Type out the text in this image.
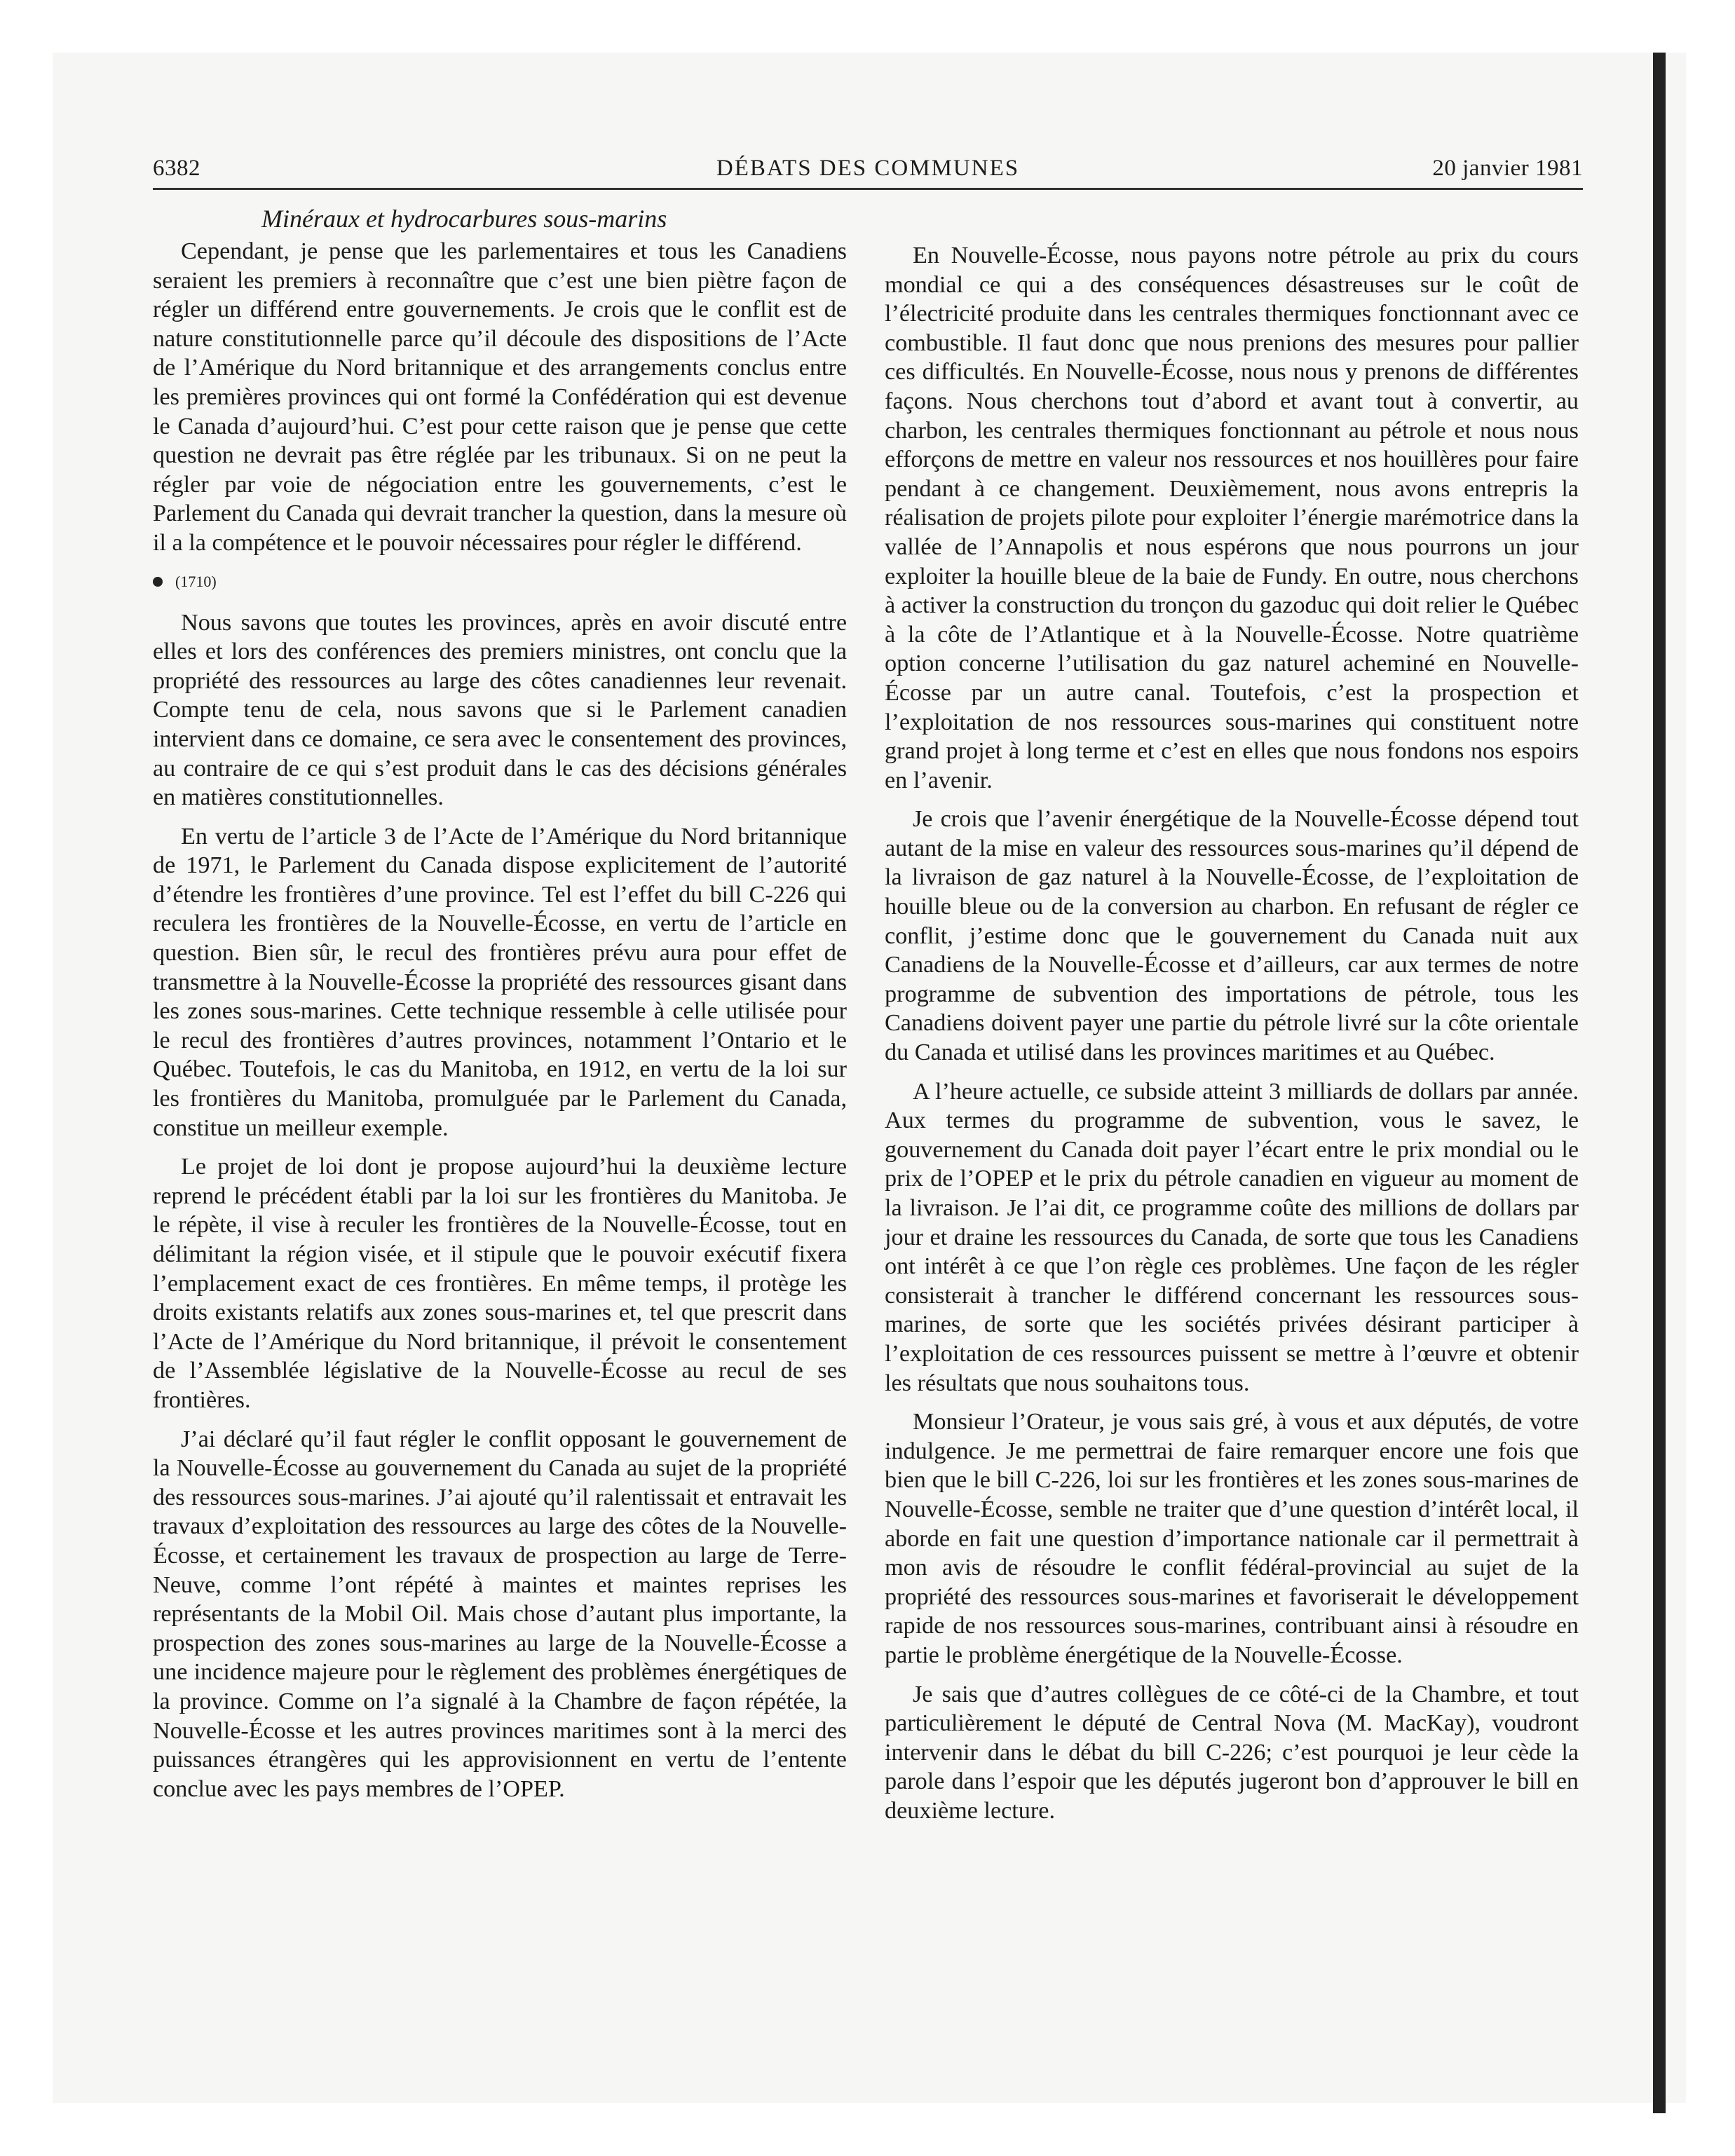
6382	DÉBATS DES COMMUNES	20 janvier 1981

Minéraux et hydrocarbures sous-marins

Cependant, je pense que les parlementaires et tous les Canadiens seraient les premiers à reconnaître que c’est une bien piètre façon de régler un différend entre gouvernements. Je crois que le conflit est de nature constitutionnelle parce qu’il découle des dispositions de l’Acte de l’Amérique du Nord britannique et des arrangements conclus entre les premières provinces qui ont formé la Confédération qui est devenue le Canada d’aujourd’hui. C’est pour cette raison que je pense que cette question ne devrait pas être réglée par les tribunaux. Si on ne peut la régler par voie de négociation entre les gouvernements, c’est le Parlement du Canada qui devrait trancher la question, dans la mesure où il a la compétence et le pouvoir nécessaires pour régler le différend.

(1710)

Nous savons que toutes les provinces, après en avoir discuté entre elles et lors des conférences des premiers ministres, ont conclu que la propriété des ressources au large des côtes canadiennes leur revenait. Compte tenu de cela, nous savons que si le Parlement canadien intervient dans ce domaine, ce sera avec le consentement des provinces, au contraire de ce qui s’est produit dans le cas des décisions générales en matières constitutionnelles.

En vertu de l’article 3 de l’Acte de l’Amérique du Nord britannique de 1971, le Parlement du Canada dispose explicitement de l’autorité d’étendre les frontières d’une province. Tel est l’effet du bill C-226 qui reculera les frontières de la Nouvelle-Écosse, en vertu de l’article en question. Bien sûr, le recul des frontières prévu aura pour effet de transmettre à la Nouvelle-Écosse la propriété des ressources gisant dans les zones sous-marines. Cette technique ressemble à celle utilisée pour le recul des frontières d’autres provinces, notamment l’Ontario et le Québec. Toutefois, le cas du Manitoba, en 1912, en vertu de la loi sur les frontières du Manitoba, promulguée par le Parlement du Canada, constitue un meilleur exemple.

Le projet de loi dont je propose aujourd’hui la deuxième lecture reprend le précédent établi par la loi sur les frontières du Manitoba. Je le répète, il vise à reculer les frontières de la Nouvelle-Écosse, tout en délimitant la région visée, et il stipule que le pouvoir exécutif fixera l’emplacement exact de ces frontières. En même temps, il protège les droits existants relatifs aux zones sous-marines et, tel que prescrit dans l’Acte de l’Amérique du Nord britannique, il prévoit le consentement de l’Assemblée législative de la Nouvelle-Écosse au recul de ses frontières.

J’ai déclaré qu’il faut régler le conflit opposant le gouvernement de la Nouvelle-Écosse au gouvernement du Canada au sujet de la propriété des ressources sous-marines. J’ai ajouté qu’il ralentissait et entravait les travaux d’exploitation des ressources au large des côtes de la Nouvelle-Écosse, et certainement les travaux de prospection au large de Terre-Neuve, comme l’ont répété à maintes et maintes reprises les représentants de la Mobil Oil. Mais chose d’autant plus importante, la prospection des zones sous-marines au large de la Nouvelle-Écosse a une incidence majeure pour le règlement des problèmes énergétiques de la province. Comme on l’a signalé à la Chambre de façon répétée, la Nouvelle-Écosse et les autres provinces maritimes sont à la merci des puissances étrangères qui les approvisionnent en vertu de l’entente conclue avec les pays membres de l’OPEP.

En Nouvelle-Écosse, nous payons notre pétrole au prix du cours mondial ce qui a des conséquences désastreuses sur le coût de l’électricité produite dans les centrales thermiques fonctionnant avec ce combustible. Il faut donc que nous prenions des mesures pour pallier ces difficultés. En Nouvelle-Écosse, nous nous y prenons de différentes façons. Nous cherchons tout d’abord et avant tout à convertir, au charbon, les centrales thermiques fonctionnant au pétrole et nous nous efforçons de mettre en valeur nos ressources et nos houillères pour faire pendant à ce changement. Deuxièmement, nous avons entrepris la réalisation de projets pilote pour exploiter l’énergie marémotrice dans la vallée de l’Annapolis et nous espérons que nous pourrons un jour exploiter la houille bleue de la baie de Fundy. En outre, nous cherchons à activer la construction du tronçon du gazoduc qui doit relier le Québec à la côte de l’Atlantique et à la Nouvelle-Écosse. Notre quatrième option concerne l’utilisation du gaz naturel acheminé en Nouvelle-Écosse par un autre canal. Toutefois, c’est la prospection et l’exploitation de nos ressources sous-marines qui constituent notre grand projet à long terme et c’est en elles que nous fondons nos espoirs en l’avenir.

Je crois que l’avenir énergétique de la Nouvelle-Écosse dépend tout autant de la mise en valeur des ressources sous-marines qu’il dépend de la livraison de gaz naturel à la Nouvelle-Écosse, de l’exploitation de houille bleue ou de la conversion au charbon. En refusant de régler ce conflit, j’estime donc que le gouvernement du Canada nuit aux Canadiens de la Nouvelle-Écosse et d’ailleurs, car aux termes de notre programme de subvention des importations de pétrole, tous les Canadiens doivent payer une partie du pétrole livré sur la côte orientale du Canada et utilisé dans les provinces maritimes et au Québec.

A l’heure actuelle, ce subside atteint 3 milliards de dollars par année. Aux termes du programme de subvention, vous le savez, le gouvernement du Canada doit payer l’écart entre le prix mondial ou le prix de l’OPEP et le prix du pétrole canadien en vigueur au moment de la livraison. Je l’ai dit, ce programme coûte des millions de dollars par jour et draine les ressources du Canada, de sorte que tous les Canadiens ont intérêt à ce que l’on règle ces problèmes. Une façon de les régler consisterait à trancher le différend concernant les ressources sous-marines, de sorte que les sociétés privées désirant participer à l’exploitation de ces ressources puissent se mettre à l’œuvre et obtenir les résultats que nous souhaitons tous.

Monsieur l’Orateur, je vous sais gré, à vous et aux députés, de votre indulgence. Je me permettrai de faire remarquer encore une fois que bien que le bill C-226, loi sur les frontières et les zones sous-marines de Nouvelle-Écosse, semble ne traiter que d’une question d’intérêt local, il aborde en fait une question d’importance nationale car il permettrait à mon avis de résoudre le conflit fédéral-provincial au sujet de la propriété des ressources sous-marines et favoriserait le développement rapide de nos ressources sous-marines, contribuant ainsi à résoudre en partie le problème énergétique de la Nouvelle-Écosse.

Je sais que d’autres collègues de ce côté-ci de la Chambre, et tout particulièrement le député de Central Nova (M. MacKay), voudront intervenir dans le débat du bill C-226; c’est pourquoi je leur cède la parole dans l’espoir que les députés jugeront bon d’approuver le bill en deuxième lecture.
